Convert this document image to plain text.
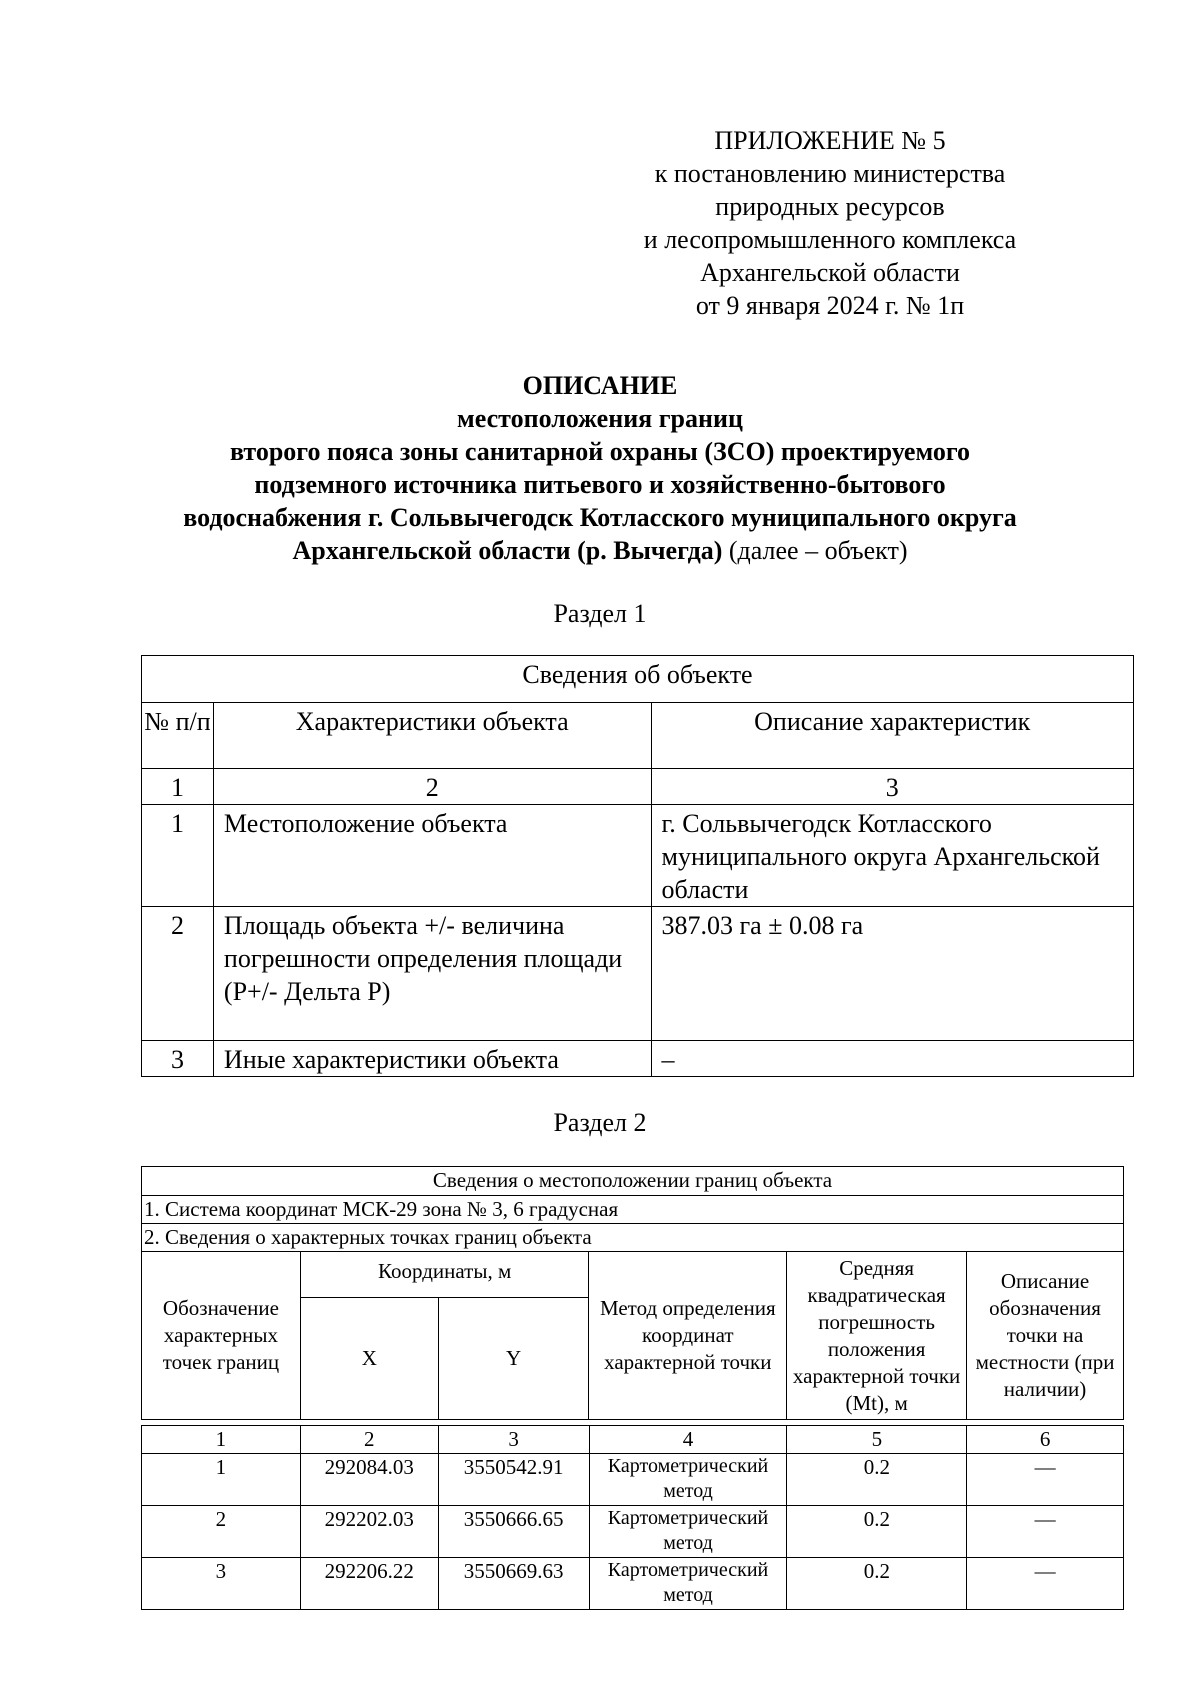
ПРИЛОЖЕНИЕ № 5
к постановлению министерства
природных ресурсов
и лесопромышленного комплекса
Архангельской области
от 9 января 2024 г. № 1п
ОПИСАНИЕ
местоположения границ
второго пояса зоны санитарной охраны (ЗСО) проектируемого
подземного источника питьевого и хозяйственно-бытового
водоснабжения г. Сольвычегодск Котласского муниципального округа
Архангельской области (р. Вычегда) (далее – объект)
Раздел 1
Сведения об объекте		
№ п/п	Характеристики объекта	Описание характеристик
1	2	3
1	Местоположение объекта	г. Сольвычегодск Котласского муниципального округа Архангельской области
2	Площадь объекта +/- величина погрешности определения площади (P+/- Дельта P)	387.03 га ± 0.08 га
3	Иные характеристики объекта	–
Раздел 2
Сведения о местоположении границ объекта					
1. Система координат МСК-29 зона № 3, 6 градусная					
2. Сведения о характерных точках границ объекта					
Обозначение характерных точек границ	Координаты, м		Метод определения координат характерной точки	Средняя квадратическая погрешность положения характерной точки (Mt), м	Описание обозначения точки на местности (при наличии)
	X	Y			
1	2	3	4	5	6
1	292084.03	3550542.91	Картометрический метод	0.2	—
2	292202.03	3550666.65	Картометрический метод	0.2	—
3	292206.22	3550669.63	Картометрический метод	0.2	—
